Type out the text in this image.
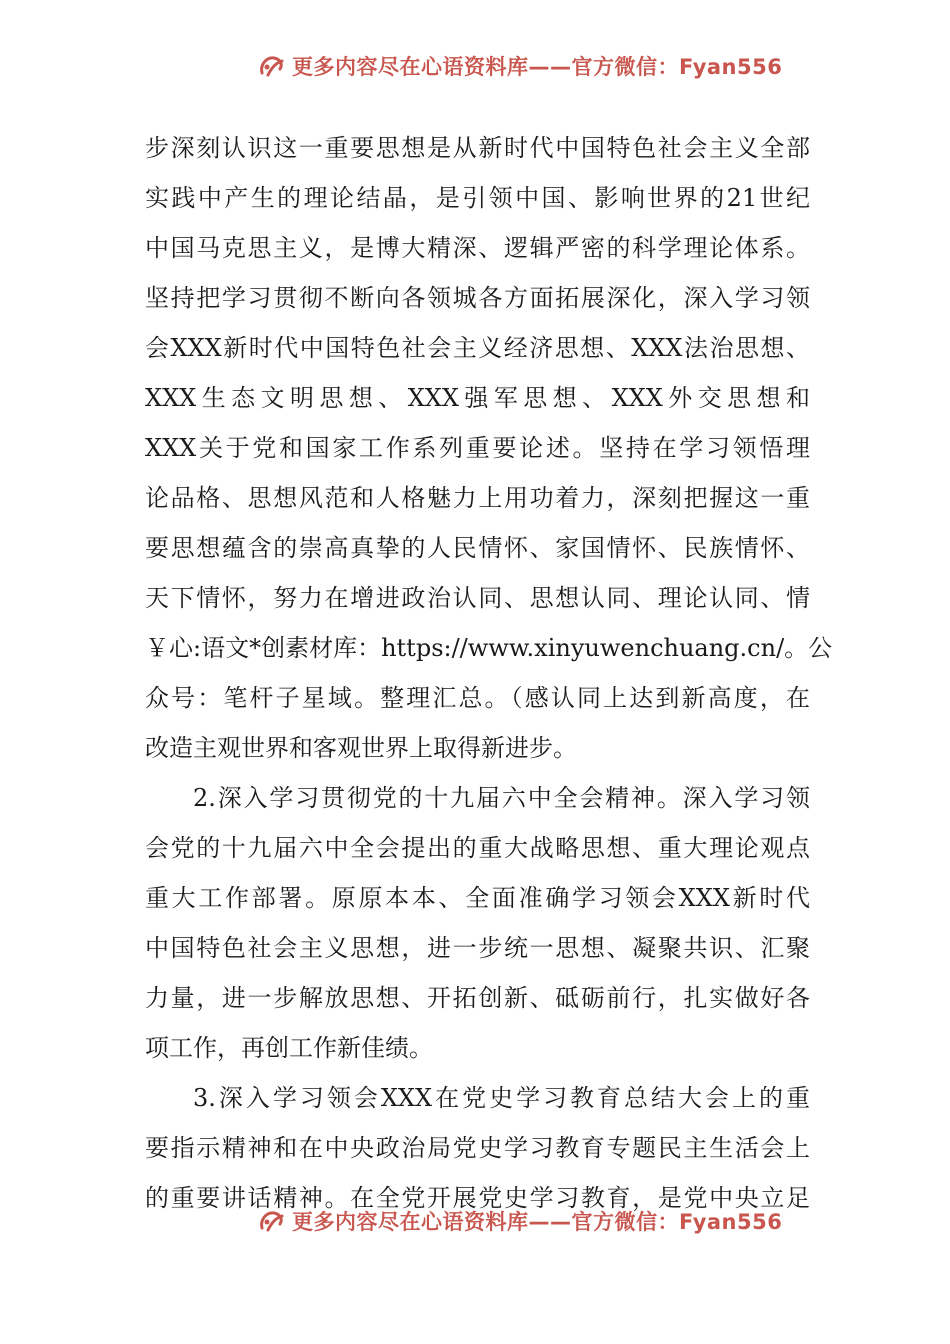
更多内容尽在心语资料库——官方微信：Fyan556
步深刻认识这一重要思想是从新时代中国特色社会主义全部
实践中产生的理论结晶，是引领中国、影响世界的21世纪
中国马克思主义，是博大精深、逻辑严密的科学理论体系。
坚持把学习贯彻不断向各领城各方面拓展深化，深入学习领
会XXX新时代中国特色社会主义经济思想、XXX法治思想、
XXX生态文明思想、XXX强军思想、XXX外交思想和
XXX关于党和国家工作系列重要论述。坚持在学习领悟理
论品格、思想风范和人格魅力上用功着力，深刻把握这一重
要思想蕴含的崇高真挚的人民情怀、家国情怀、民族情怀、
天下情怀，努力在增进政治认同、思想认同、理论认同、情
￥心:语文*创素材库：https://www.xinyuwenchuang.cn/。公
众号：笔杆子星域。整理汇总。（感认同上达到新高度，在
改造主观世界和客观世界上取得新进步。
2.深入学习贯彻党的十九届六中全会精神。深入学习领
会党的十九届六中全会提出的重大战略思想、重大理论观点
重大工作部署。原原本本、全面准确学习领会XXX新时代
中国特色社会主义思想，进一步统一思想、凝聚共识、汇聚
力量，进一步解放思想、开拓创新、砥砺前行，扎实做好各
项工作，再创工作新佳绩。
3.深入学习领会XXX在党史学习教育总结大会上的重
要指示精神和在中央政治局党史学习教育专题民主生活会上
的重要讲话精神。在全党开展党史学习教育，是党中央立足
更多内容尽在心语资料库——官方微信：Fyan556
